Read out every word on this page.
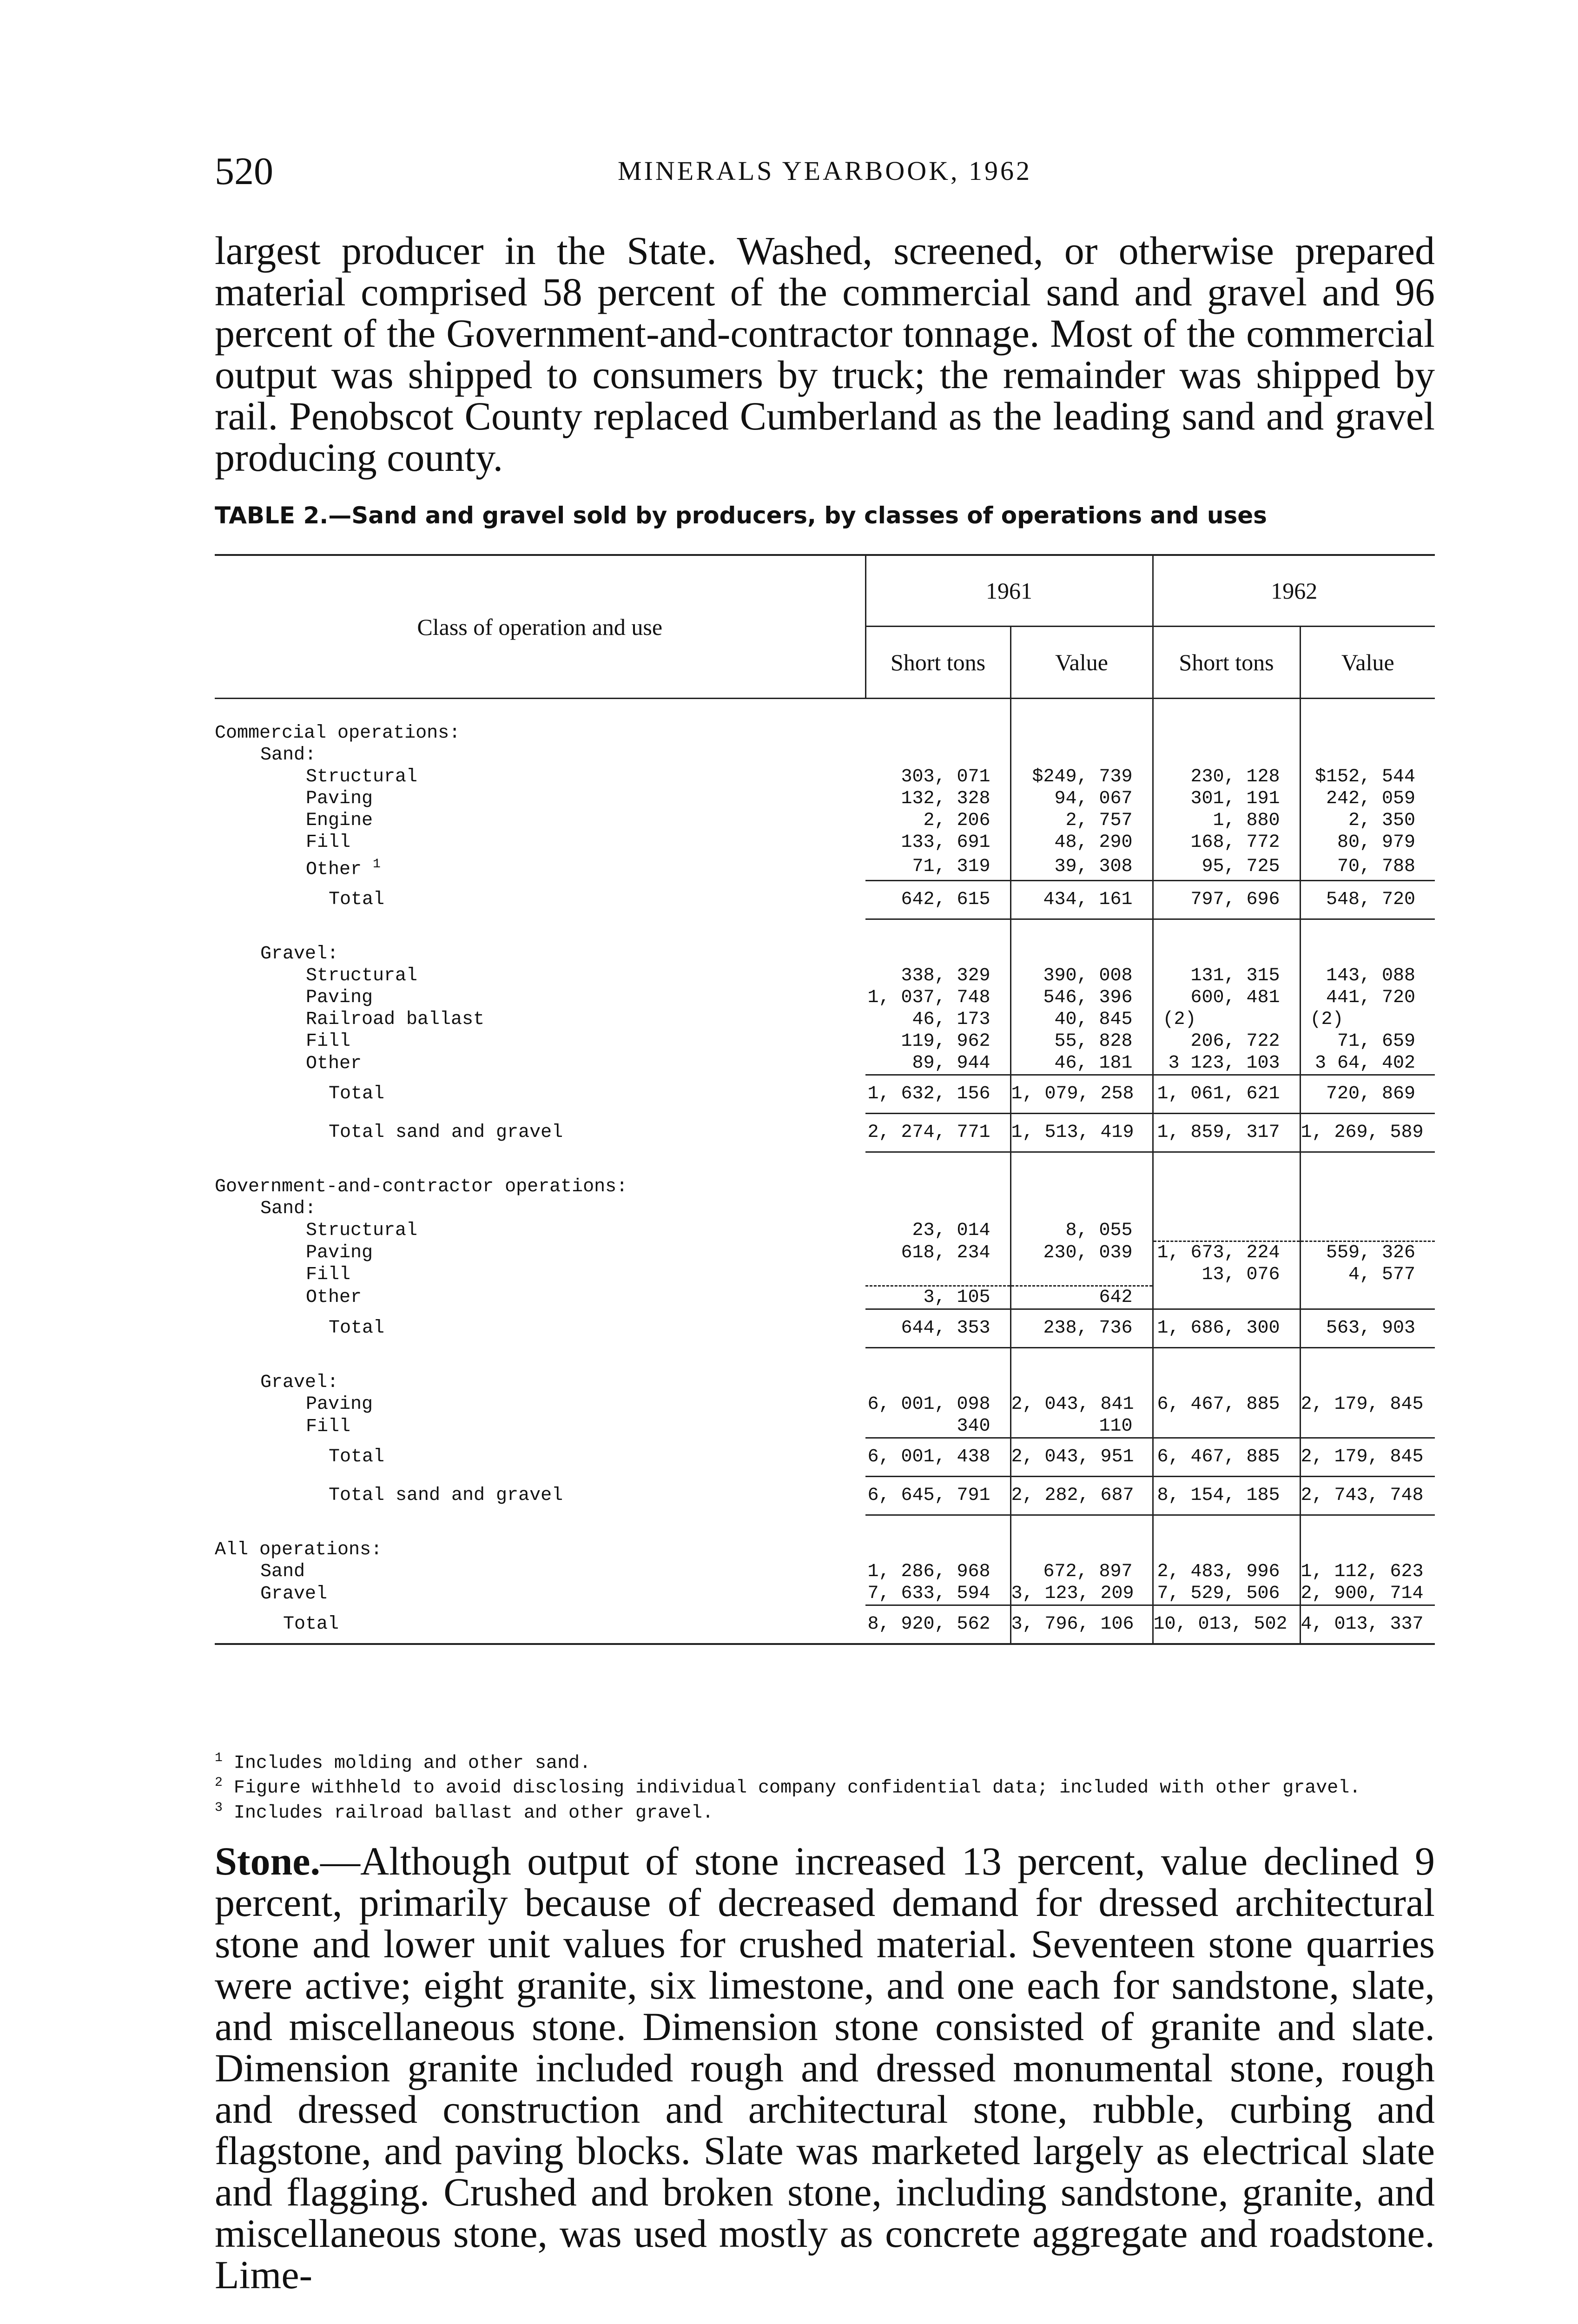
520	MINERALS YEARBOOK, 1962

largest producer in the State. Washed, screened, or otherwise prepared material comprised 58 percent of the commercial sand and gravel and 96 percent of the Government-and-contractor tonnage. Most of the commercial output was shipped to consumers by truck; the remainder was shipped by rail. Penobscot County replaced Cumberland as the leading sand and gravel producing county.

TABLE 2.—Sand and gravel sold by producers, by classes of operations and uses
Class of operation and use	1961		1962	
	Short tons	Value	Short tons	Value

Commercial operations:				
Sand:				
Structural	303, 071	$249, 739	230, 128	$152, 544
Paving	132, 328	94, 067	301, 191	242, 059
Engine	2, 206	2, 757	1, 880	2, 350
Fill	133, 691	48, 290	168, 772	80, 979
Other $^1$	71, 319	39, 308	95, 725	70, 788
Total	642, 615	434, 161	797, 696	548, 720

Gravel:				
Structural	338, 329	390, 008	131, 315	143, 088
Paving	1, 037, 748	546, 396	600, 481	441, 720
Railroad ballast	46, 173	40, 845	(2)	(2)
Fill	119, 962	55, 828	206, 722	71, 659
Other	89, 944	46, 181	3 123, 103	3 64, 402
Total	1, 632, 156	1, 079, 258	1, 061, 621	720, 869
Total sand and gravel	2, 274, 771	1, 513, 419	1, 859, 317	1, 269, 589

Government-and-contractor operations:				
Sand:				
Structural	23, 014	8, 055		
Paving	618, 234	230, 039	1, 673, 224	559, 326
Fill			13, 076	4, 577
Other	3, 105	642		
Total	644, 353	238, 736	1, 686, 300	563, 903

Gravel:				
Paving	6, 001, 098	2, 043, 841	6, 467, 885	2, 179, 845
Fill	340	110		
Total	6, 001, 438	2, 043, 951	6, 467, 885	2, 179, 845
Total sand and gravel	6, 645, 791	2, 282, 687	8, 154, 185	2, 743, 748

All operations:				
Sand	1, 286, 968	672, 897	2, 483, 996	1, 112, 623
Gravel	7, 633, 594	3, 123, 209	7, 529, 506	2, 900, 714
Total	8, 920, 562	3, 796, 106	10, 013, 502	4, 013, 337
$^1$ Includes molding and other sand.
$^2$ Figure withheld to avoid disclosing individual company confidential data; included with other gravel.
$^3$ Includes railroad ballast and other gravel.

Stone.—Although output of stone increased 13 percent, value declined 9 percent, primarily because of decreased demand for dressed architectural stone and lower unit values for crushed material. Seventeen stone quarries were active; eight granite, six limestone, and one each for sandstone, slate, and miscellaneous stone. Dimension stone consisted of granite and slate. Dimension granite included rough and dressed monumental stone, rough and dressed construction and architectural stone, rubble, curbing and flagstone, and paving blocks. Slate was marketed largely as electrical slate and flagging. Crushed and broken stone, including sandstone, granite, and miscellaneous stone, was used mostly as concrete aggregate and roadstone. Lime-
